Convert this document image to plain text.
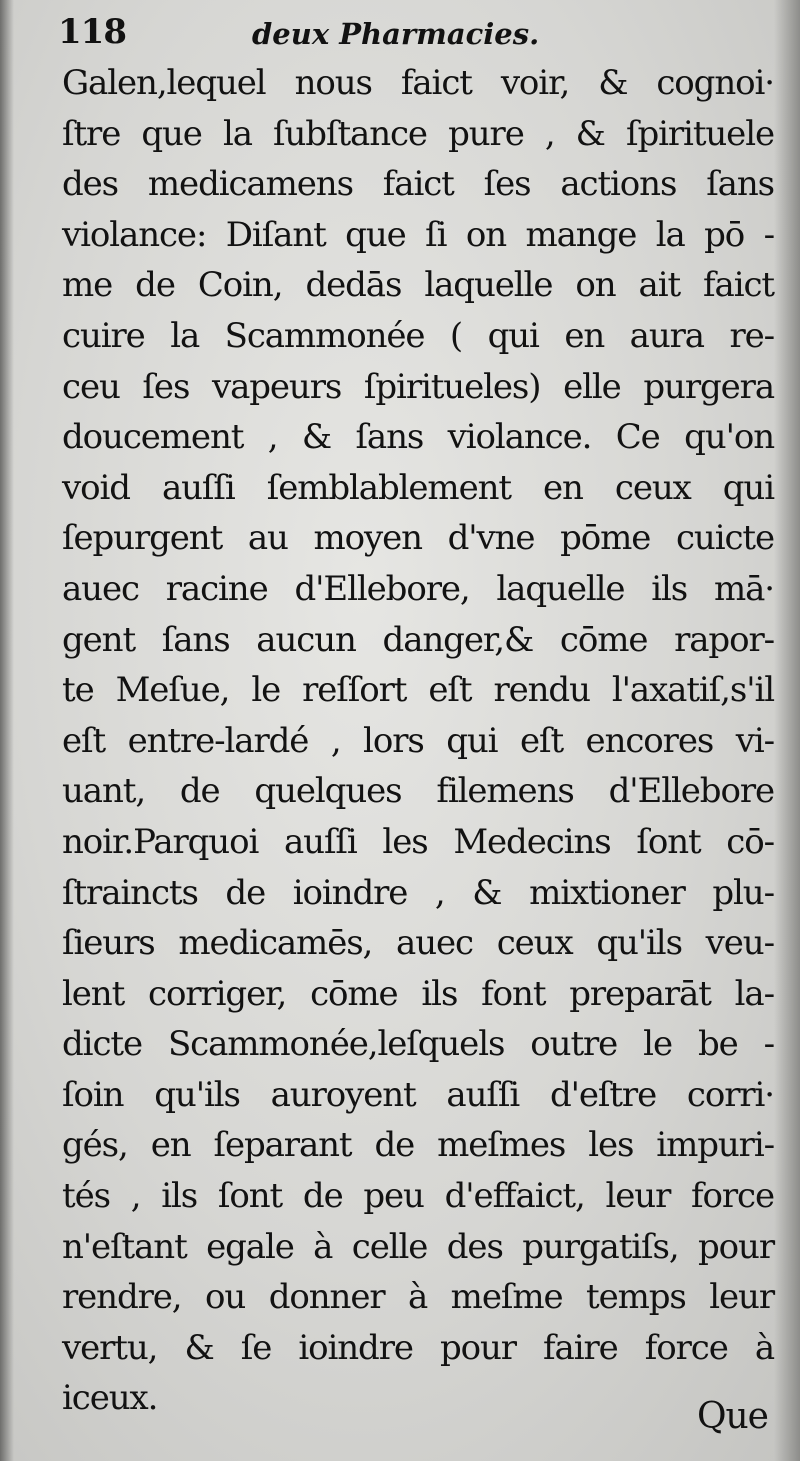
118	deux Pharmacies.
Galen,lequel nous faict voir, & cognoi·
ſtre que la ſubſtance pure , & ſpirituele
des medicamens faict ſes actions ſans
violance: Diſant que ſi on mange la pō -
me de Coin, dedās laquelle on ait faict
cuire la Scammonée ( qui en aura re-
ceu ſes vapeurs ſpiritueles) elle purgera
doucement , & ſans violance. Ce qu'on
void auſſi ſemblablement en ceux qui
ſepurgent au moyen d'vne pōme cuicte
auec racine d'Ellebore, laquelle ils mā·
gent ſans aucun danger,& cōme rapor-
te Meſue, le reſſort eſt rendu l'axatiſ,s'il
eſt entre-lardé , lors qui eſt encores vi-
uant, de quelques filemens d'Ellebore
noir.Parquoi auſſi les Medecins ſont cō-
ſtraincts de ioindre , & mixtioner plu-
ſieurs medicamēs, auec ceux qu'ils veu-
lent corriger, cōme ils font preparāt la-
dicte Scammonée,leſquels outre le be -
ſoin qu'ils auroyent auſſi d'eſtre corri·
gés, en ſeparant de meſmes les impuri-
tés , ils ſont de peu d'effaict, leur force
n'eſtant egale à celle des purgatiſs, pour
rendre, ou donner à meſme temps leur
vertu, & ſe ioindre pour faire force à
iceux.	Que
